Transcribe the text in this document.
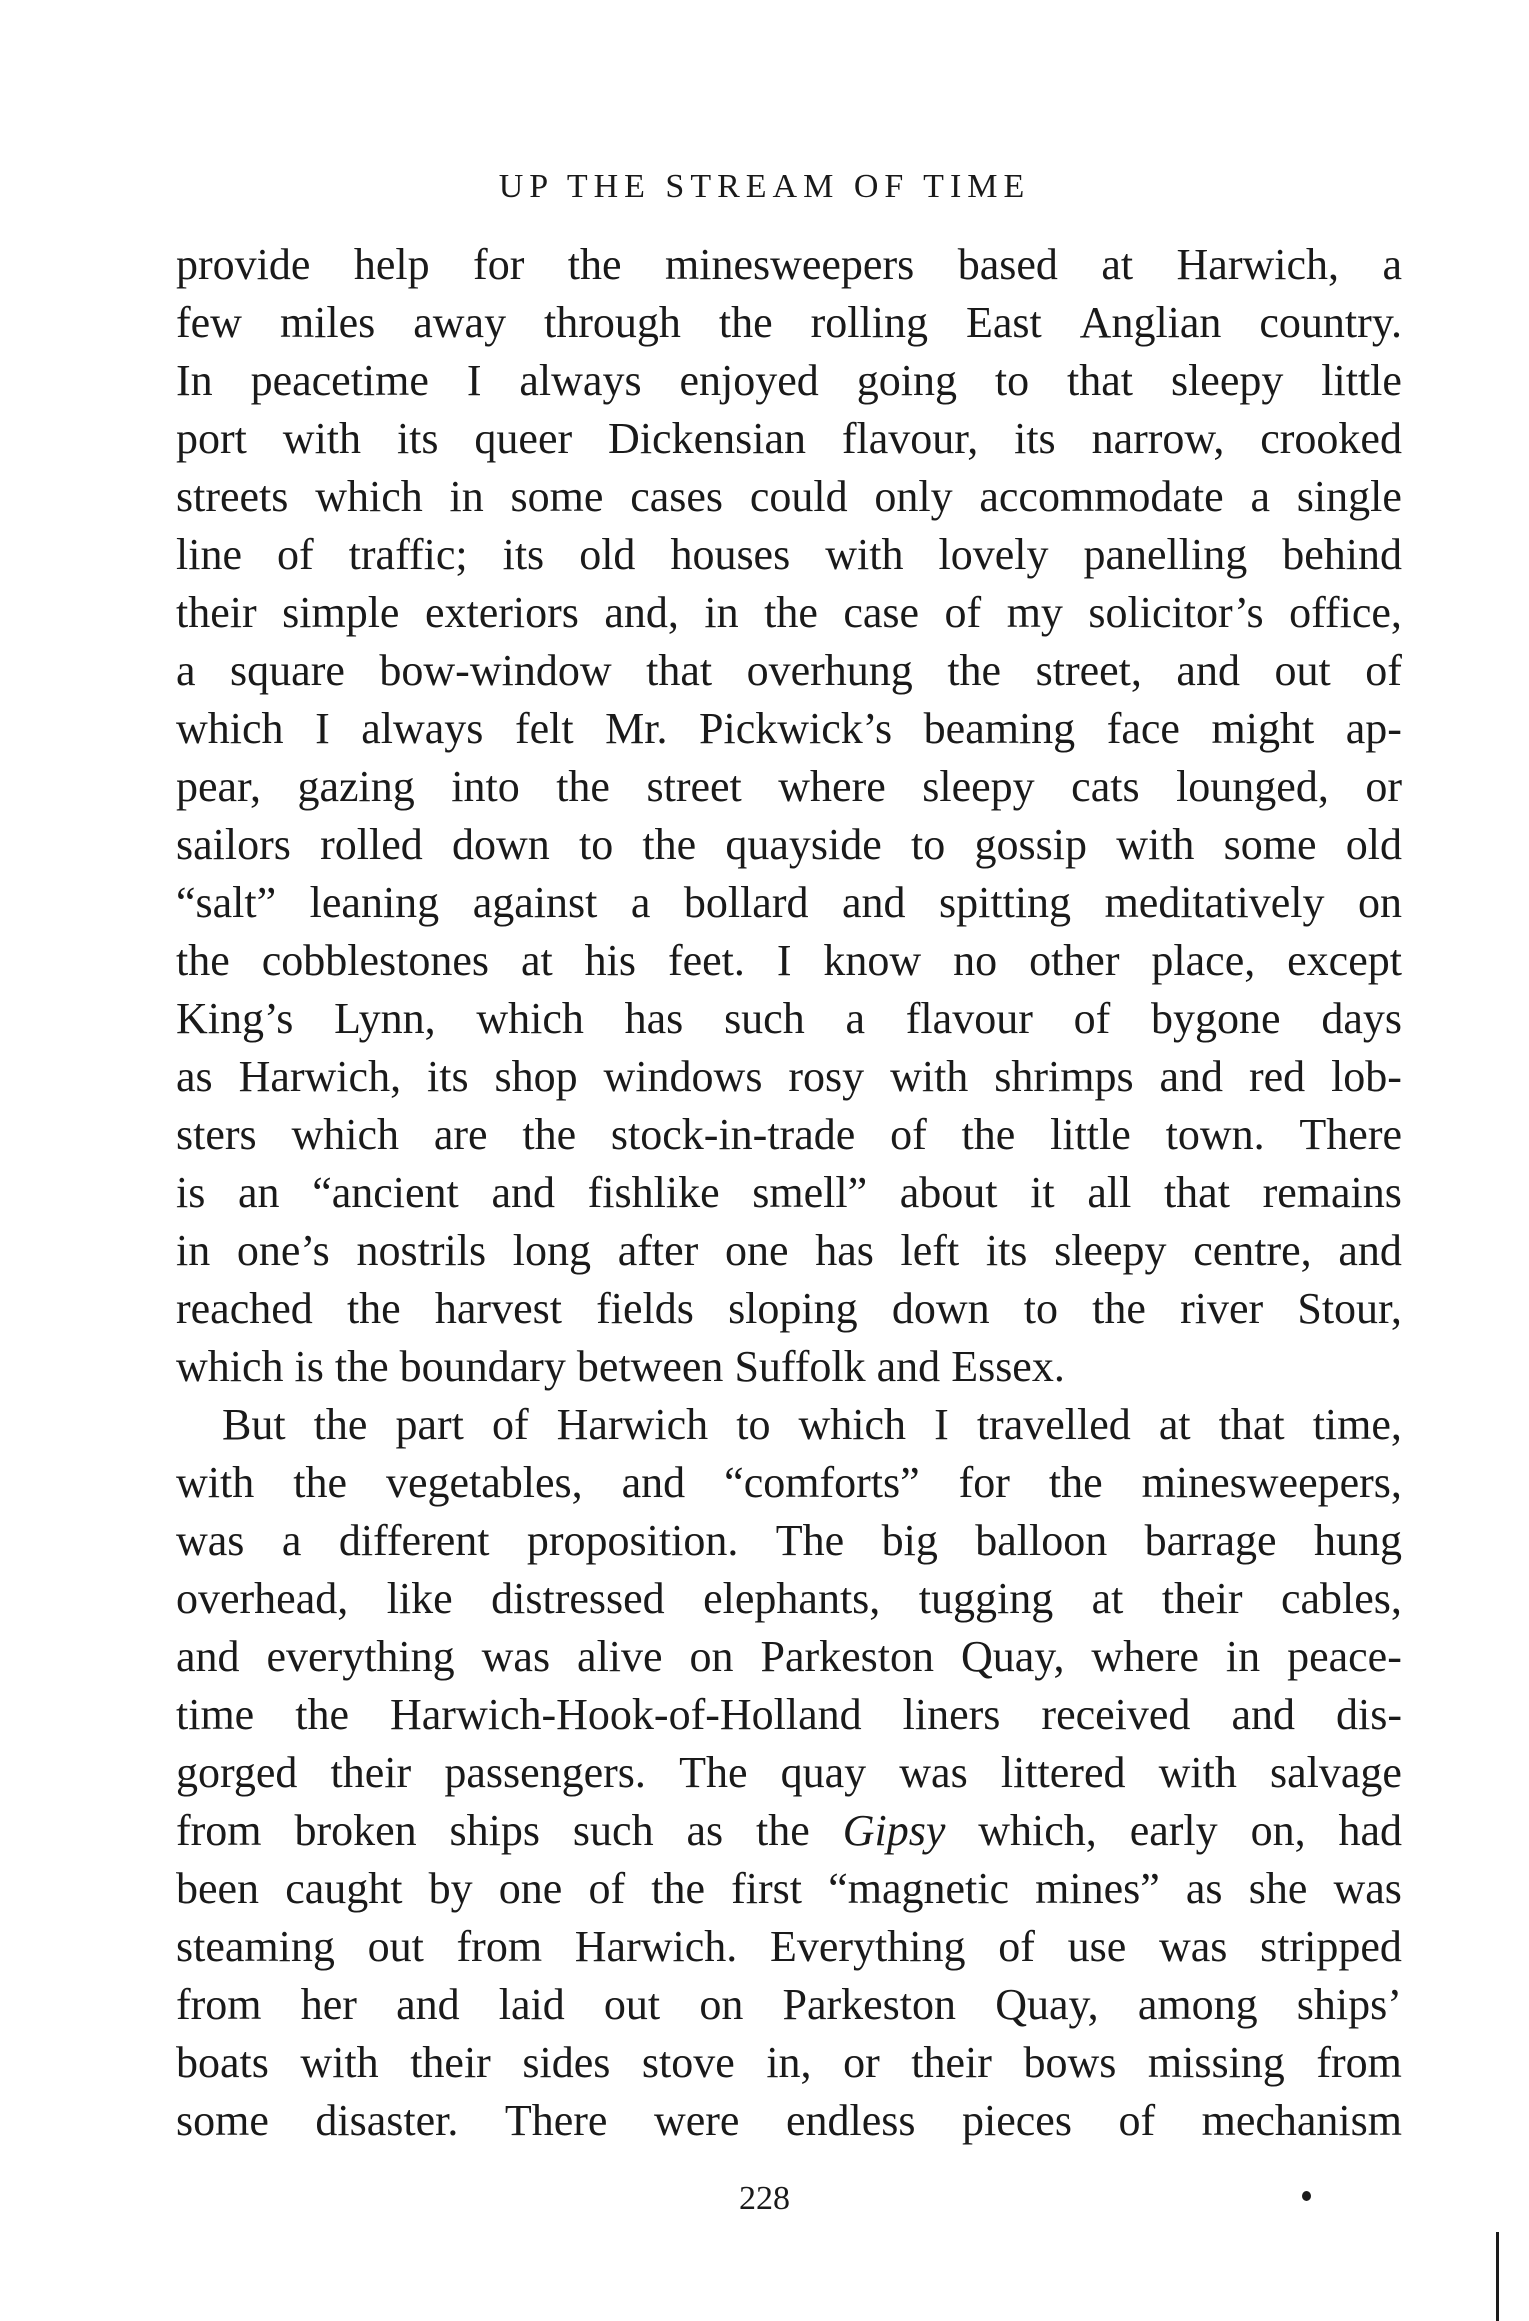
UP THE STREAM OF TIME
provide help for the minesweepers based at Harwich, a
few miles away through the rolling East Anglian country.
In peacetime I always enjoyed going to that sleepy little
port with its queer Dickensian flavour, its narrow, crooked
streets which in some cases could only accommodate a single
line of traffic; its old houses with lovely panelling behind
their simple exteriors and, in the case of my solicitor’s office,
a square bow-window that overhung the street, and out of
which I always felt Mr. Pickwick’s beaming face might ap-
pear, gazing into the street where sleepy cats lounged, or
sailors rolled down to the quayside to gossip with some old
“salt” leaning against a bollard and spitting meditatively on
the cobblestones at his feet. I know no other place, except
King’s Lynn, which has such a flavour of bygone days
as Harwich, its shop windows rosy with shrimps and red lob-
sters which are the stock-in-trade of the little town. There
is an “ancient and fishlike smell” about it all that remains
in one’s nostrils long after one has left its sleepy centre, and
reached the harvest fields sloping down to the river Stour,
which is the boundary between Suffolk and Essex.
But the part of Harwich to which I travelled at that time,
with the vegetables, and “comforts” for the minesweepers,
was a different proposition. The big balloon barrage hung
overhead, like distressed elephants, tugging at their cables,
and everything was alive on Parkeston Quay, where in peace-
time the Harwich-Hook-of-Holland liners received and dis-
gorged their passengers. The quay was littered with salvage
from broken ships such as the Gipsy which, early on, had
been caught by one of the first “magnetic mines” as she was
steaming out from Harwich. Everything of use was stripped
from her and laid out on Parkeston Quay, among ships’
boats with their sides stove in, or their bows missing from
some disaster. There were endless pieces of mechanism
228
